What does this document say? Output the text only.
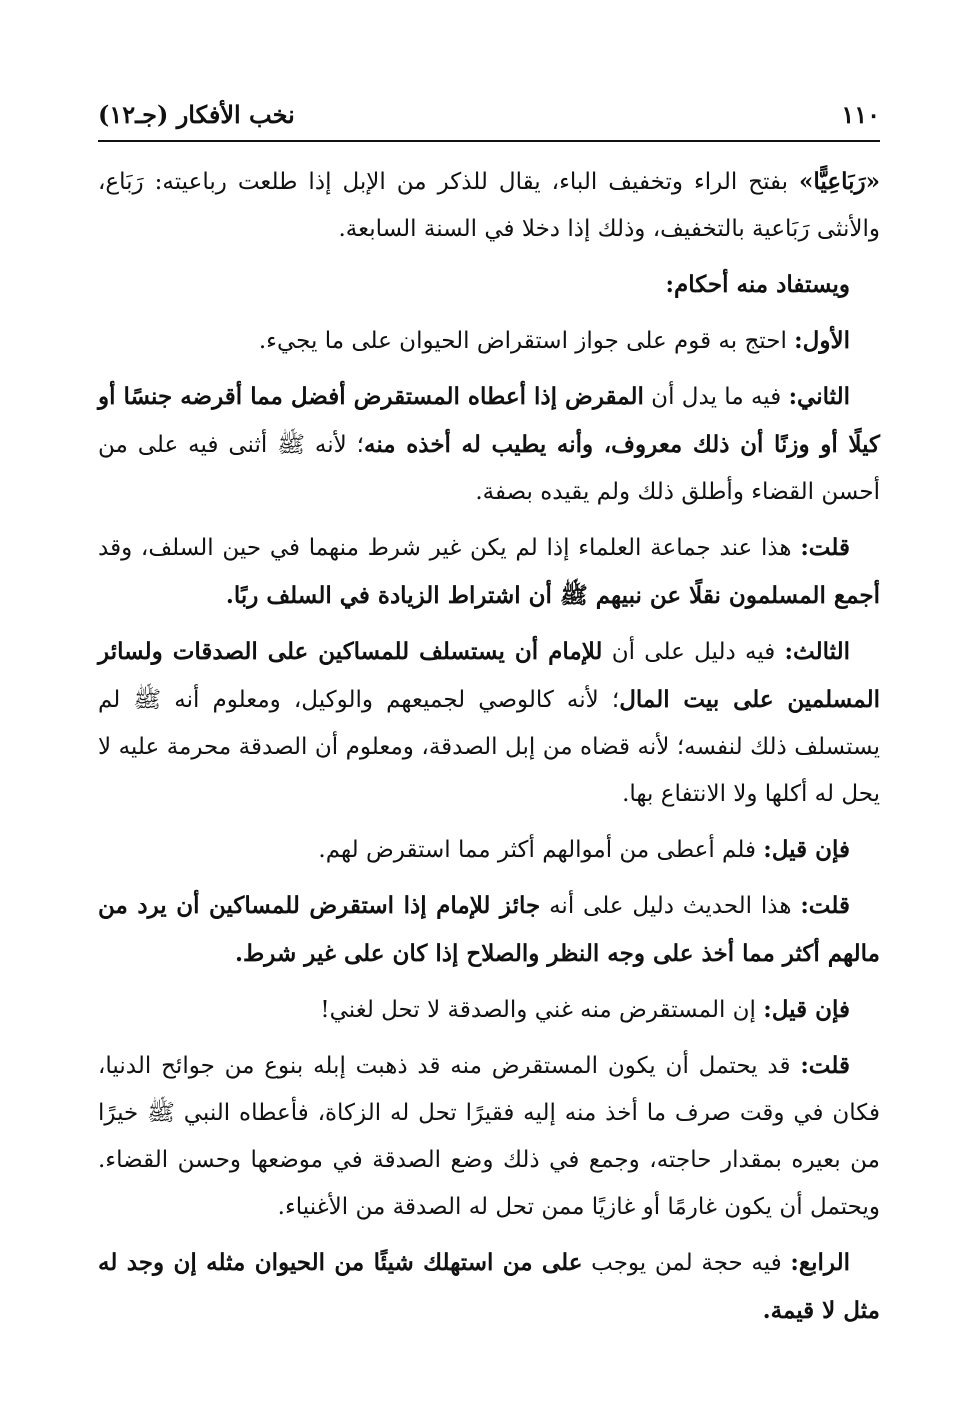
١١٠
نخب الأفكار (جـ١٢)

«رَبَاعِيًّا» بفتح الراء وتخفيف الباء، يقال للذكر من الإبل إذا طلعت رباعيته: رَبَاع، والأنثى رَبَاعية بالتخفيف، وذلك إذا دخلا في السنة السابعة.

ويستفاد منه أحكام:

الأول: احتج به قوم على جواز استقراض الحيوان على ما يجيء.

الثاني: فيه ما يدل أن المقرض إذا أعطاه المستقرض أفضل مما أقرضه جنسًا أو كيلًا أو وزنًا أن ذلك معروف، وأنه يطيب له أخذه منه؛ لأنه ﷺ أثنى فيه على من أحسن القضاء وأطلق ذلك ولم يقيده بصفة.

قلت: هذا عند جماعة العلماء إذا لم يكن غير شرط منهما في حين السلف، وقد أجمع المسلمون نقلًا عن نبيهم ﷺ أن اشتراط الزيادة في السلف ربًا.

الثالث: فيه دليل على أن للإمام أن يستسلف للمساكين على الصدقات ولسائر المسلمين على بيت المال؛ لأنه كالوصي لجميعهم والوكيل، ومعلوم أنه ﷺ لم يستسلف ذلك لنفسه؛ لأنه قضاه من إبل الصدقة، ومعلوم أن الصدقة محرمة عليه لا يحل له أكلها ولا الانتفاع بها.

فإن قيل: فلم أعطى من أموالهم أكثر مما استقرض لهم.

قلت: هذا الحديث دليل على أنه جائز للإمام إذا استقرض للمساكين أن يرد من مالهم أكثر مما أخذ على وجه النظر والصلاح إذا كان على غير شرط.

فإن قيل: إن المستقرض منه غني والصدقة لا تحل لغني!

قلت: قد يحتمل أن يكون المستقرض منه قد ذهبت إبله بنوع من جوائح الدنيا، فكان في وقت صرف ما أخذ منه إليه فقيرًا تحل له الزكاة، فأعطاه النبي ﷺ خيرًا من بعيره بمقدار حاجته، وجمع في ذلك وضع الصدقة في موضعها وحسن القضاء. ويحتمل أن يكون غارمًا أو غازيًا ممن تحل له الصدقة من الأغنياء.

الرابع: فيه حجة لمن يوجب على من استهلك شيئًا من الحيوان مثله إن وجد له مثل لا قيمة.
